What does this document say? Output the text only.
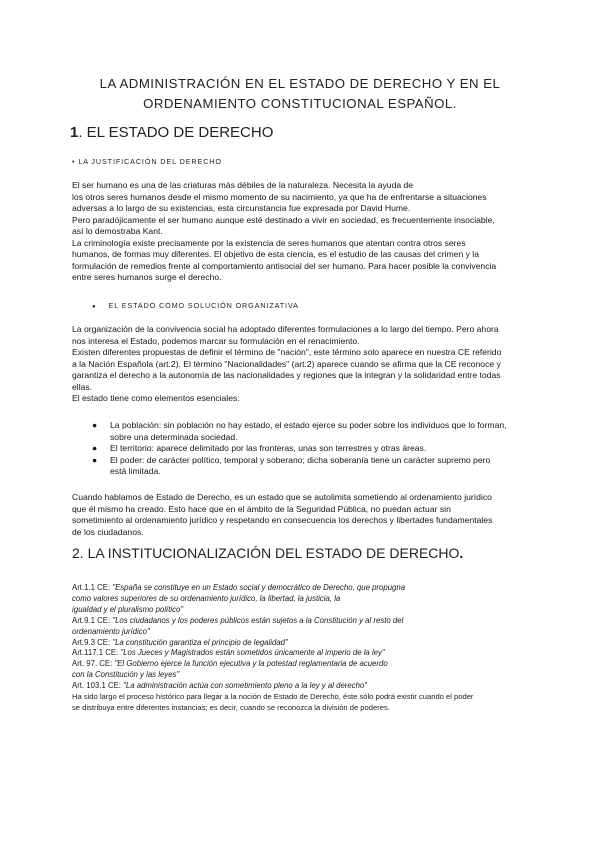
LA ADMINISTRACIÓN EN EL ESTADO DE DERECHO Y EN EL
ORDENAMIENTO CONSTITUCIONAL ESPAÑOL.
1. EL ESTADO DE DERECHO
• LA JUSTIFICACIÓN DEL DERECHO
El ser humano es una de las criaturas más débiles de la naturaleza. Necesita la ayuda de
los otros seres humanos desde el mismo momento de su nacimiento, ya que ha de enfrentarse a situaciones
adversas a lo largo de su existencias, esta circunstancia fue expresada por David Hume.
Pero paradójicamente el ser humano aunque esté destinado a vivir en sociedad, es frecuentemente insociable,
así lo demostraba Kant.
La criminología existe precisamente por la existencia de seres humanos que atentan contra otros seres
humanos, de formas muy diferentes. El objetivo de esta ciencia, es el estudio de las causas del crimen y la
formulación de remedios frente al comportamiento antisocial del ser humano. Para hacer posible la convivencia
entre seres humanos surge el derecho.
● EL ESTADO COMO SOLUCIÓN ORGANIZATIVA
La organización de la convivencia social ha adoptado diferentes formulaciones a lo largo del tiempo. Pero ahora
nos interesa el Estado, podemos marcar su formulación en el renacimiento.
Existen diferentes propuestas de definir el término de "nación", este término solo aparece en nuestra CE referido
a la Nación Española (art.2). El término "Nacionalidades" (art.2) aparece cuando se afirma que la CE reconoce y
garantiza el derecho a la autonomía de las nacionalidades y regiones que la integran y la solidaridad entre todas
ellas.
El estado tiene como elementos esenciales:
● La población: sin población no hay estado, el estado ejerce su poder sobre los individuos que lo forman,
sobre una determinada sociedad.
● El territorio: aparece delimitado por las fronteras, unas son terrestres y otras áreas.
● El poder: de carácter político, temporal y soberano; dicha soberanía tiene un carácter supremo pero
está limitada.
Cuando hablamos de Estado de Derecho, es un estado que se autolimita sometiendo al ordenamiento jurídico
que él mismo ha creado. Esto hace que en el ámbito de la Seguridad Pública, no puedan actuar sin
sometimiento al ordenamiento jurídico y respetando en consecuencia los derechos y libertades fundamentales
de los ciudadanos.
2. LA INSTITUCIONALIZACIÓN DEL ESTADO DE DERECHO.
Art.1.1 CE: "España se constituye en un Estado social y democrático de Derecho, que propugna
como valores superiores de su ordenamiento jurídico, la libertad, la justicia, la
igualdad y el pluralismo político"
Art.9.1 CE: "Los ciudadanos y los poderes públicos están sujetos a la Constitución y al resto del
ordenamiento jurídico"
Art.9.3 CE: "La constitución garantiza el principio de legalidad"
Art.117.1 CE: "Los Jueces y Magistrados están sometidos únicamente al imperio de la ley"
Art. 97. CE: "El Gobierno ejerce la función ejecutiva y la potestad reglamentaria de acuerdo
con la Constitución y las leyes"
Art. 103.1 CE: "La administración actúa con sometimiento pleno a la ley y al derecho"
Ha sido largo el proceso histórico para llegar a la noción de Estado de Derecho, éste sólo podrá existir cuando el poder
se distribuya entre diferentes instancias; es decir, cuando se reconozca la división de poderes.
